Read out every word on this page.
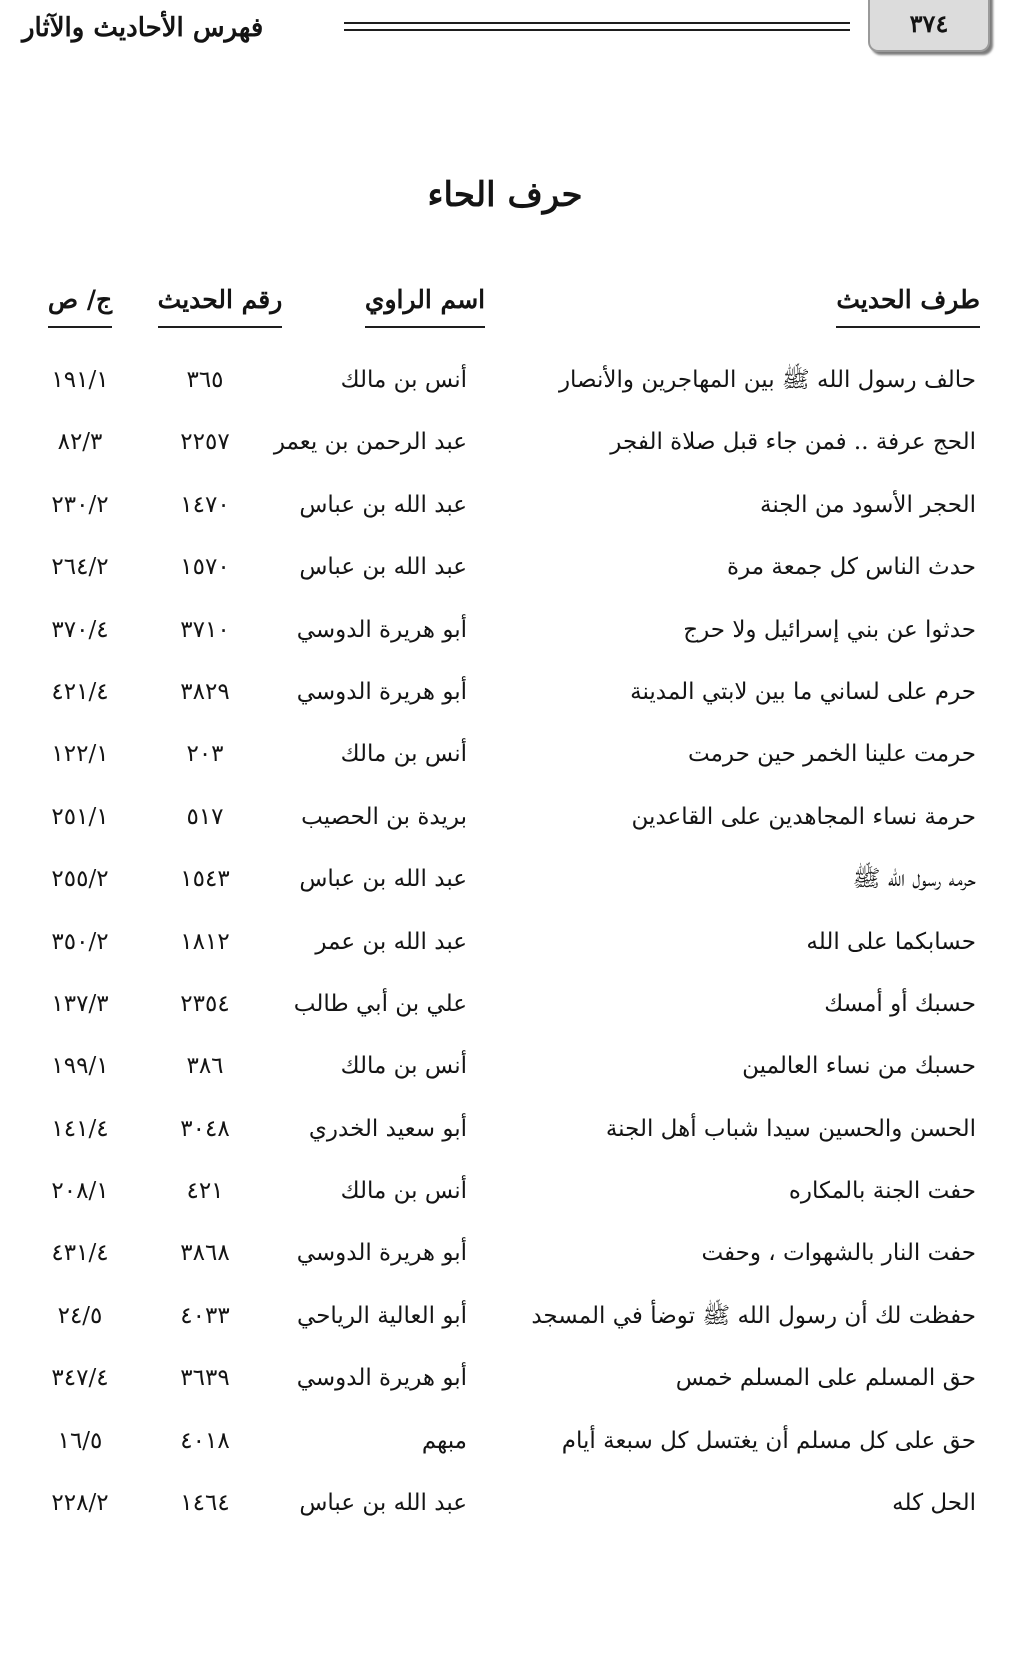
فهرس الأحاديث والآثار	٣٧٤
حرف الحاء
طرف الحديث
اسم الراوي
رقم الحديث
ج/ ص
حالف رسول الله ﷺ بين المهاجرين والأنصار
أنس بن مالك
٣٦٥
١٩١/١
الحج عرفة .. فمن جاء قبل صلاة الفجر
عبد الرحمن بن يعمر
٢٢٥٧
٨٢/٣
الحجر الأسود من الجنة
عبد الله بن عباس
١٤٧٠
٢٣٠/٢
حدث الناس كل جمعة مرة
عبد الله بن عباس
١٥٧٠
٢٦٤/٢
حدثوا عن بني إسرائيل ولا حرج
أبو هريرة الدوسي
٣٧١٠
٣٧٠/٤
حرم على لساني ما بين لابتي المدينة
أبو هريرة الدوسي
٣٨٢٩
٤٢١/٤
حرمت علينا الخمر حين حرمت
أنس بن مالك
٢٠٣
١٢٢/١
حرمة نساء المجاهدين على القاعدين
بريدة بن الحصيب
٥١٧
٢٥١/١
حرمه رسول الله ﷺ
عبد الله بن عباس
١٥٤٣
٢٥٥/٢
حسابكما على الله
عبد الله بن عمر
١٨١٢
٣٥٠/٢
حسبك أو أمسك
علي بن أبي طالب
٢٣٥٤
١٣٧/٣
حسبك من نساء العالمين
أنس بن مالك
٣٨٦
١٩٩/١
الحسن والحسين سيدا شباب أهل الجنة
أبو سعيد الخدري
٣٠٤٨
١٤١/٤
حفت الجنة بالمكاره
أنس بن مالك
٤٢١
٢٠٨/١
حفت النار بالشهوات ، وحفت
أبو هريرة الدوسي
٣٨٦٨
٤٣١/٤
حفظت لك أن رسول الله ﷺ توضأ في المسجد
أبو العالية الرياحي
٤٠٣٣
٢٤/٥
حق المسلم على المسلم خمس
أبو هريرة الدوسي
٣٦٣٩
٣٤٧/٤
حق على كل مسلم أن يغتسل كل سبعة أيام
مبهم
٤٠١٨
١٦/٥
الحل كله
عبد الله بن عباس
١٤٦٤
٢٢٨/٢
